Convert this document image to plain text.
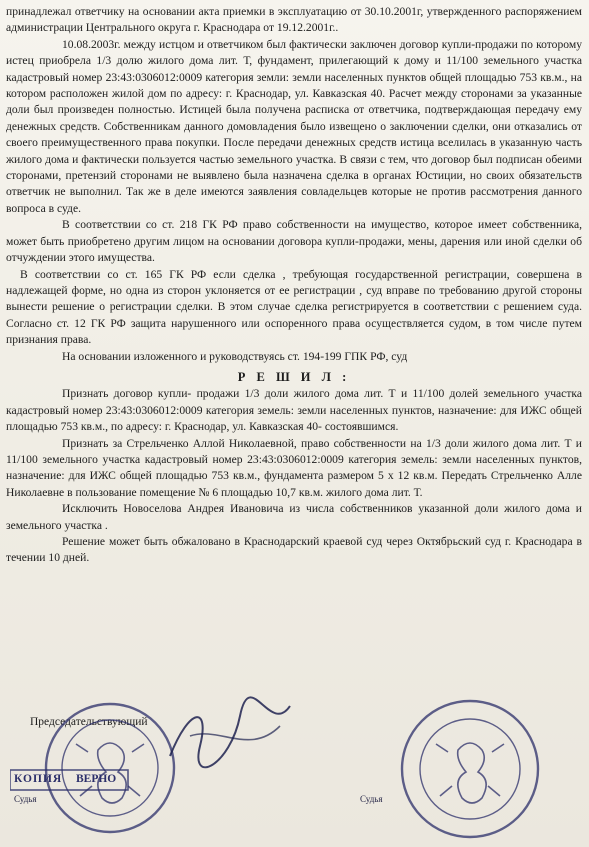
принадлежал ответчику на основании акта приемки в эксплуатацию от 30.10.2001г, утвержденного распоряжением администрации Центрального округа г. Краснодара от 19.12.2001г..

10.08.2003г. между истцом и ответчиком был фактически заключен договор купли-продажи по которому истец приобрела 1/3 долю жилого дома лит. Т, фундамент, прилегающий к дому и 11/100 земельного участка кадастровый номер 23:43:0306012:0009 категория земли: земли населенных пунктов общей площадью 753 кв.м., на котором расположен жилой дом по адресу: г. Краснодар, ул. Кавказская 40. Расчет между сторонами за указанные доли был произведен полностью. Истицей была получена расписка от ответчика, подтверждающая передачу ему денежных средств. Собственникам данного домовладения было извещено о заключении сделки, они отказались от своего преимущественного права покупки. После передачи денежных средств истица вселилась в указанную часть жилого дома и фактически пользуется частью земельного участка. В связи с тем, что договор был подписан обеими сторонами, претензий сторонами не выявлено была назначена сделка в органах Юстиции, но своих обязательств ответчик не выполнил. Так же в деле имеются заявления совладельцев которые не против рассмотрения данного вопроса в суде.

В соответствии со ст. 218 ГК РФ право собственности на имущество, которое имеет собственника, может быть приобретено другим лицом на основании договора купли-продажи, мены, дарения или иной сделки об отчуждении этого имущества.

В соответствии со ст. 165 ГК РФ если сделка , требующая государственной регистрации, совершена в надлежащей форме, но одна из сторон уклоняется от ее регистрации , суд вправе по требованию другой стороны вынести решение о регистрации сделки. В этом случае сделка регистрируется в соответствии с решением суда. Согласно ст. 12 ГК РФ защита нарушенного или оспоренного права осуществляется судом, в том числе путем признания права.

На основании изложенного и руководствуясь ст. 194-199 ГПК РФ, суд

Р Е Ш И Л :

Признать договор купли- продажи 1/3 доли жилого дома лит. Т и 11/100 долей земельного участка кадастровый номер 23:43:0306012:0009 категория земель: земли населенных пунктов, назначение: для ИЖС общей площадью 753 кв.м., по адресу: г. Краснодар, ул. Кавказская 40- состоявшимся.

Признать за Стрельченко Аллой Николаевной, право собственности на 1/3 доли жилого дома лит. Т и 11/100 земельного участка кадастровый номер 23:43:0306012:0009 категория земель: земли населенных пунктов, назначение: для ИЖС общей площадью 753 кв.м., фундамента размером 5 х 12 кв.м. Передать Стрельченко Алле Николаевне в пользование помещение № 6 площадью 10,7 кв.м. жилого дома лит. Т.

Исключить Новоселова Андрея Ивановича из числа собственников указанной доли жилого дома и земельного участка .

Решение может быть обжаловано в Краснодарский краевой суд через Октябрьский суд г. Краснодара в течении 10 дней.

Председательствующий
КОПИЯ ВЕРНО
Судья	Судья
